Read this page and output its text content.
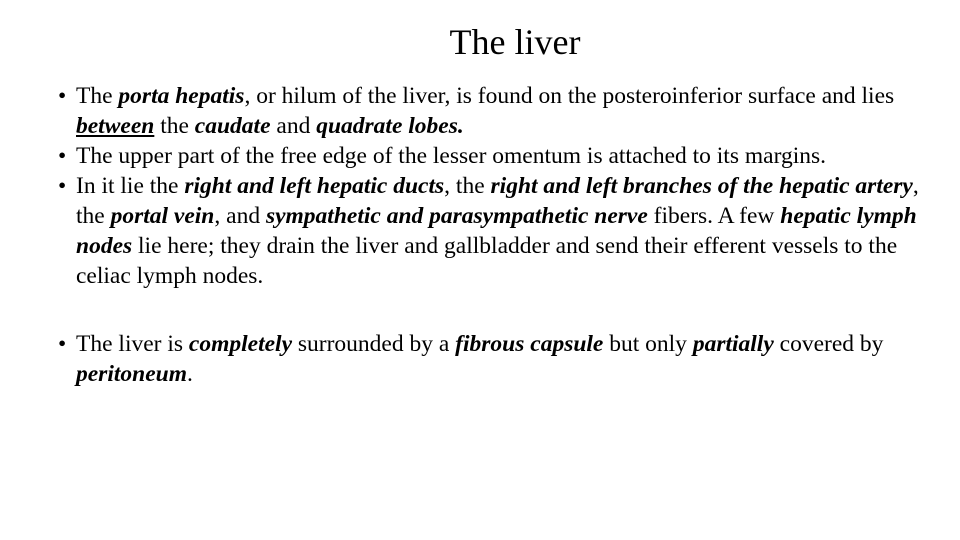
The liver
• The porta hepatis, or hilum of the liver, is found on the posteroinferior surface and lies between the caudate and quadrate lobes.
• The upper part of the free edge of the lesser omentum is attached to its margins.
• In it lie the right and left hepatic ducts, the right and left branches of the hepatic artery, the portal vein, and sympathetic and parasympathetic nerve fibers. A few hepatic lymph nodes lie here; they drain the liver and gallbladder and send their efferent vessels to the celiac lymph nodes.
• The liver is completely surrounded by a fibrous capsule but only partially covered by peritoneum.
